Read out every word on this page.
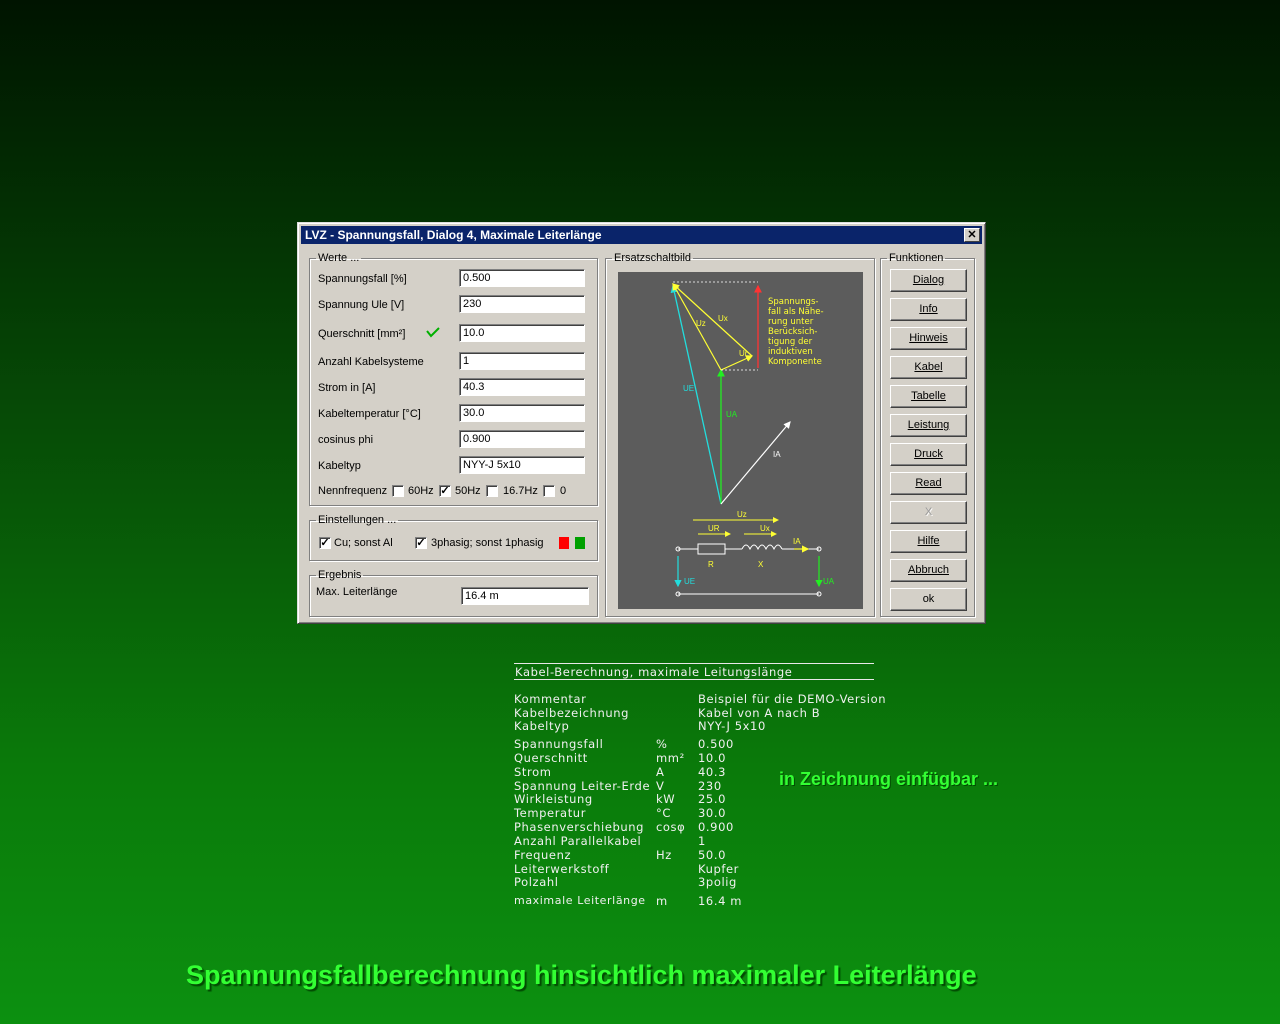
LVZ - Spannungsfall, Dialog 4, Maximale Leiterlänge	✕
Werte ...
Spannungsfall [%]	0.500
Spannung Ule [V]	230
Querschnitt [mm²]	10.0
Anzahl Kabelsysteme	1
Strom in [A]	40.3
Kabeltemperatur [°C]	30.0
cosinus phi	0.900
Kabeltyp	NYY-J 5x10
Nennfrequenz 60Hz ✓ 50Hz 16.7Hz 0
Einstellungen ...
✓ Cu; sonst Al ✓ 3phasig; sonst 1phasig
Ergebnis
Max. Leiterlänge	16.4 m
Ersatzschaltbild
Spannungs-
fall als Nähe-
rung unter
Berücksich-
tigung der
induktiven
Komponente
Uz
Ux
Ur
UE
UA
IA
Uz
UR	Ux
IA
R	X
UE	UA
Funktionen
Dialog
Info
Hinweis
Kabel
Tabelle
Leistung
Druck
Read
X
Hilfe
Abbruch
ok
Kabel-Berechnung, maximale Leitungslänge
Kommentar	Beispiel für die DEMO-Version
Kabelbezeichnung	Kabel von A nach B
Kabeltyp	NYY-J 5x10
Spannungsfall	%	0.500
Querschnitt	mm² 10.0
Strom	A	40.3
Spannung Leiter-Erde V	230
Wirkleistung	kW 25.0
Temperatur	°C 30.0
Phasenverschiebung cosφ 0.900
Anzahl Parallelkabel	1
Frequenz	Hz 50.0
Leiterwerkstoff	Kupfer
Polzahl	3polig
maximale Leiterlänge m	16.4 m
in Zeichnung einfügbar ...
Spannungsfallberechnung hinsichtlich maximaler Leiterlänge
